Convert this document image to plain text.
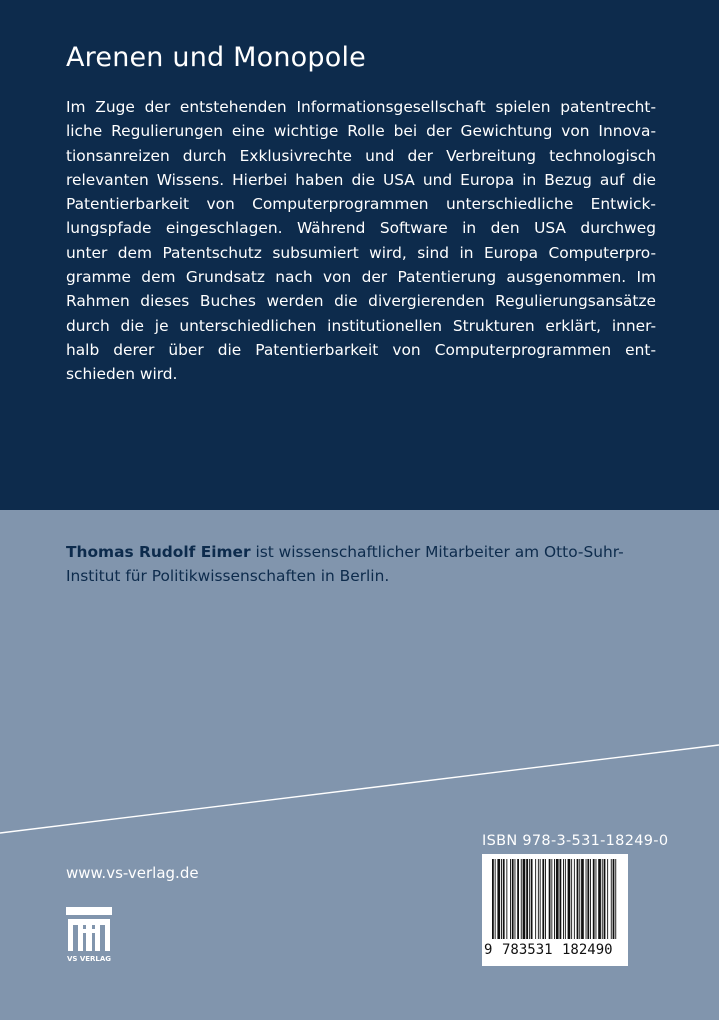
Arenen und Monopole
Im Zuge der entstehenden Informationsgesellschaft spielen patentrecht-
liche Regulierungen eine wichtige Rolle bei der Gewichtung von Innova-
tionsanreizen durch Exklusivrechte und der Verbreitung technologisch
relevanten Wissens. Hierbei haben die USA und Europa in Bezug auf die
Patentierbarkeit von Computerprogrammen unterschiedliche Entwick-
lungspfade eingeschlagen. Während Software in den USA durchweg
unter dem Patentschutz subsumiert wird, sind in Europa Computerpro-
gramme dem Grundsatz nach von der Patentierung ausgenommen. Im
Rahmen dieses Buches werden die divergierenden Regulierungsansätze
durch die je unterschiedlichen institutionellen Strukturen erklärt, inner-
halb derer über die Patentierbarkeit von Computerprogrammen ent-
schieden wird.
Thomas Rudolf Eimer ist wissenschaftlicher Mitarbeiter am Otto-Suhr-
Institut für Politikwissenschaften in Berlin.
www.vs-verlag.de
VS VERLAG
ISBN 978-3-531-18249-0
9 783531 182490
